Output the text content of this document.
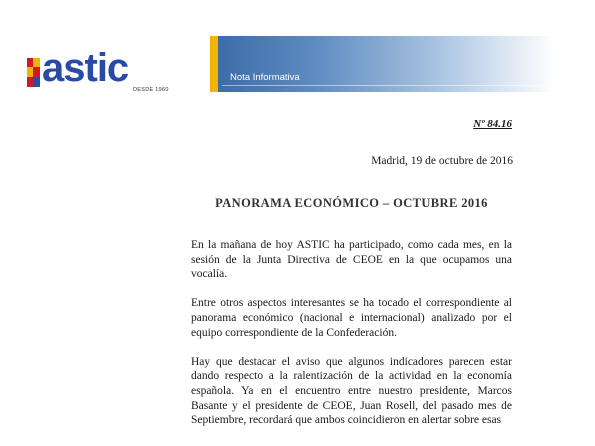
astic DESDE 1960
Nota Informativa
Nº 84.16
Madrid, 19 de octubre de 2016
PANORAMA ECONÓMICO – OCTUBRE 2016

En la mañana de hoy ASTIC ha participado, como cada mes, en la sesión de la Junta Directiva de CEOE en la que ocupamos una vocalía.

Entre otros aspectos interesantes se ha tocado el correspondiente al panorama económico (nacional e internacional) analizado por el equipo correspondiente de la Confederación.

Hay que destacar el aviso que algunos indicadores parecen estar dando respecto a la ralentización de la actividad en la economía española. Ya en el encuentro entre nuestro presidente, Marcos Basante y el presidente de CEOE, Juan Rosell, del pasado mes de Septiembre, recordará que ambos coincidieron en alertar sobre esas
